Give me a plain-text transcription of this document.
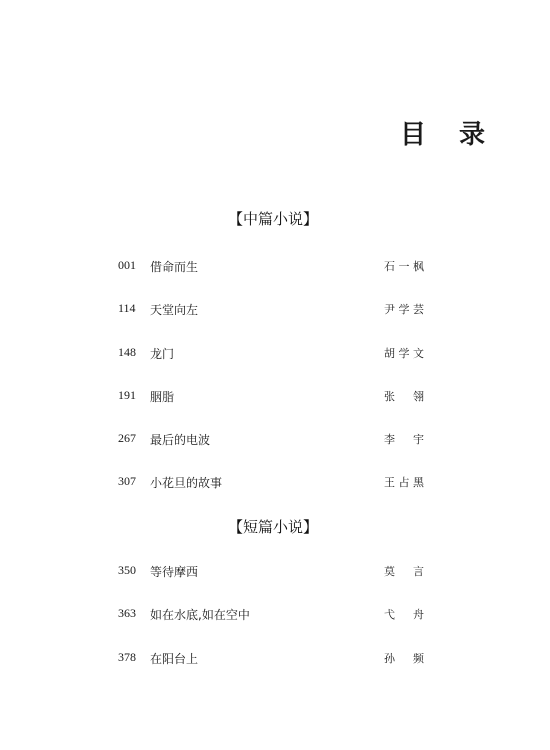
目 录
【中篇小说】
001 借命而生	石一枫
114 天堂向左	尹学芸
148 龙门	胡学文
191 胭脂	张 翎
267 最后的电波	李 宇
307 小花旦的故事	王占黑
【短篇小说】
350 等待摩西	莫 言
363 如在水底,如在空中	弋 舟
378 在阳台上	孙 频
